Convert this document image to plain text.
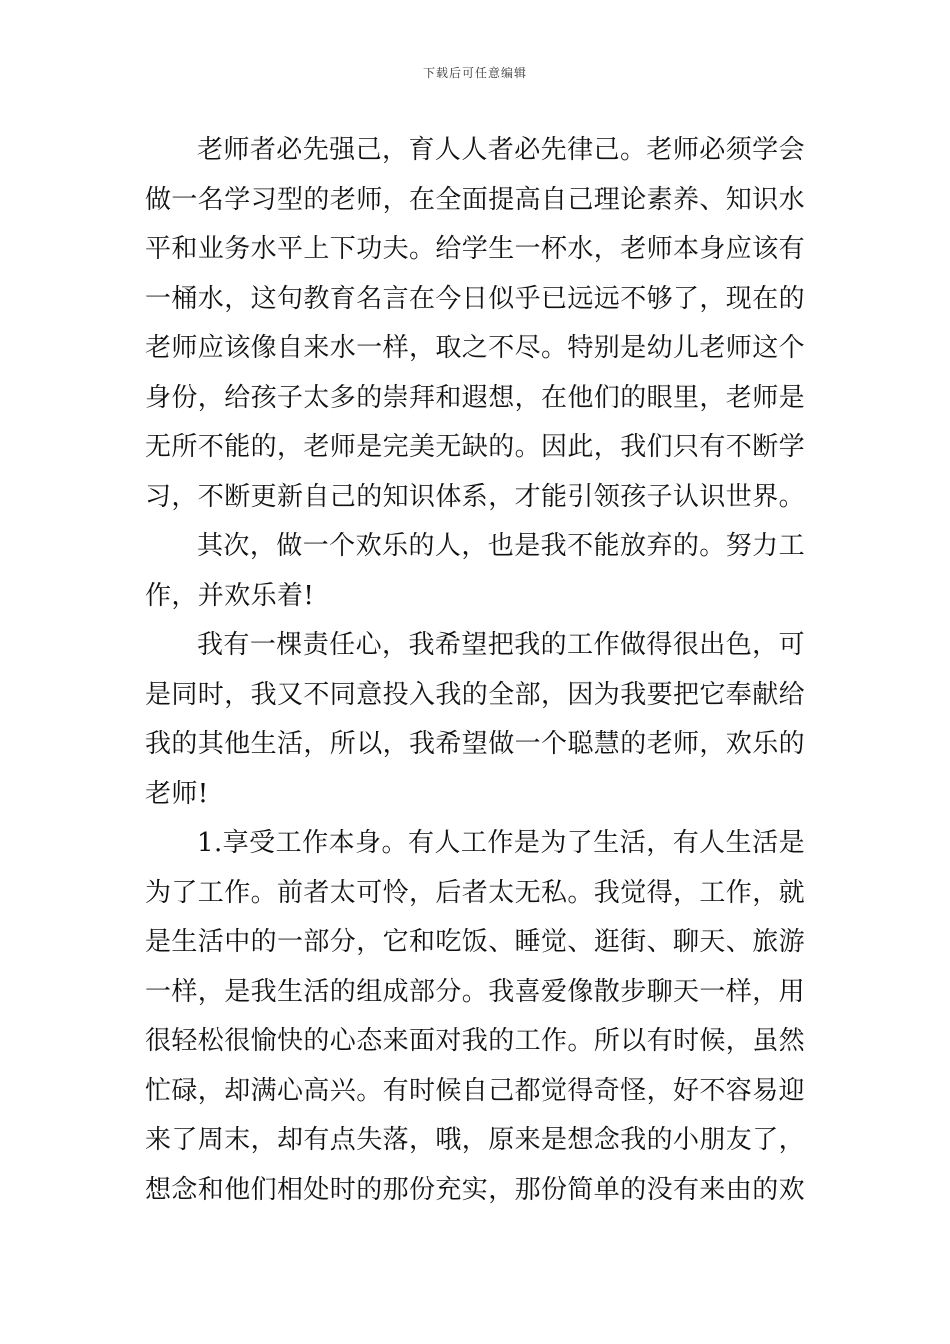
下载后可任意编辑

老师者必先强己，育人人者必先律己。老师必须学会做一名学习型的老师，在全面提高自己理论素养、知识水平和业务水平上下功夫。给学生一杯水，老师本身应该有一桶水，这句教育名言在今日似乎已远远不够了，现在的老师应该像自来水一样，取之不尽。特别是幼儿老师这个身份，给孩子太多的崇拜和遐想，在他们的眼里，老师是无所不能的，老师是完美无缺的。因此，我们只有不断学习，不断更新自己的知识体系，才能引领孩子认识世界。

其次，做一个欢乐的人，也是我不能放弃的。努力工作，并欢乐着!

我有一棵责任心，我希望把我的工作做得很出色，可是同时，我又不同意投入我的全部，因为我要把它奉献给我的其他生活，所以，我希望做一个聪慧的老师，欢乐的老师!

1.享受工作本身。有人工作是为了生活，有人生活是为了工作。前者太可怜，后者太无私。我觉得，工作，就是生活中的一部分，它和吃饭、睡觉、逛街、聊天、旅游一样，是我生活的组成部分。我喜爱像散步聊天一样，用很轻松很愉快的心态来面对我的工作。所以有时候，虽然忙碌，却满心高兴。有时候自己都觉得奇怪，好不容易迎来了周末，却有点失落，哦，原来是想念我的小朋友了，想念和他们相处时的那份充实，那份简单的没有来由的欢
